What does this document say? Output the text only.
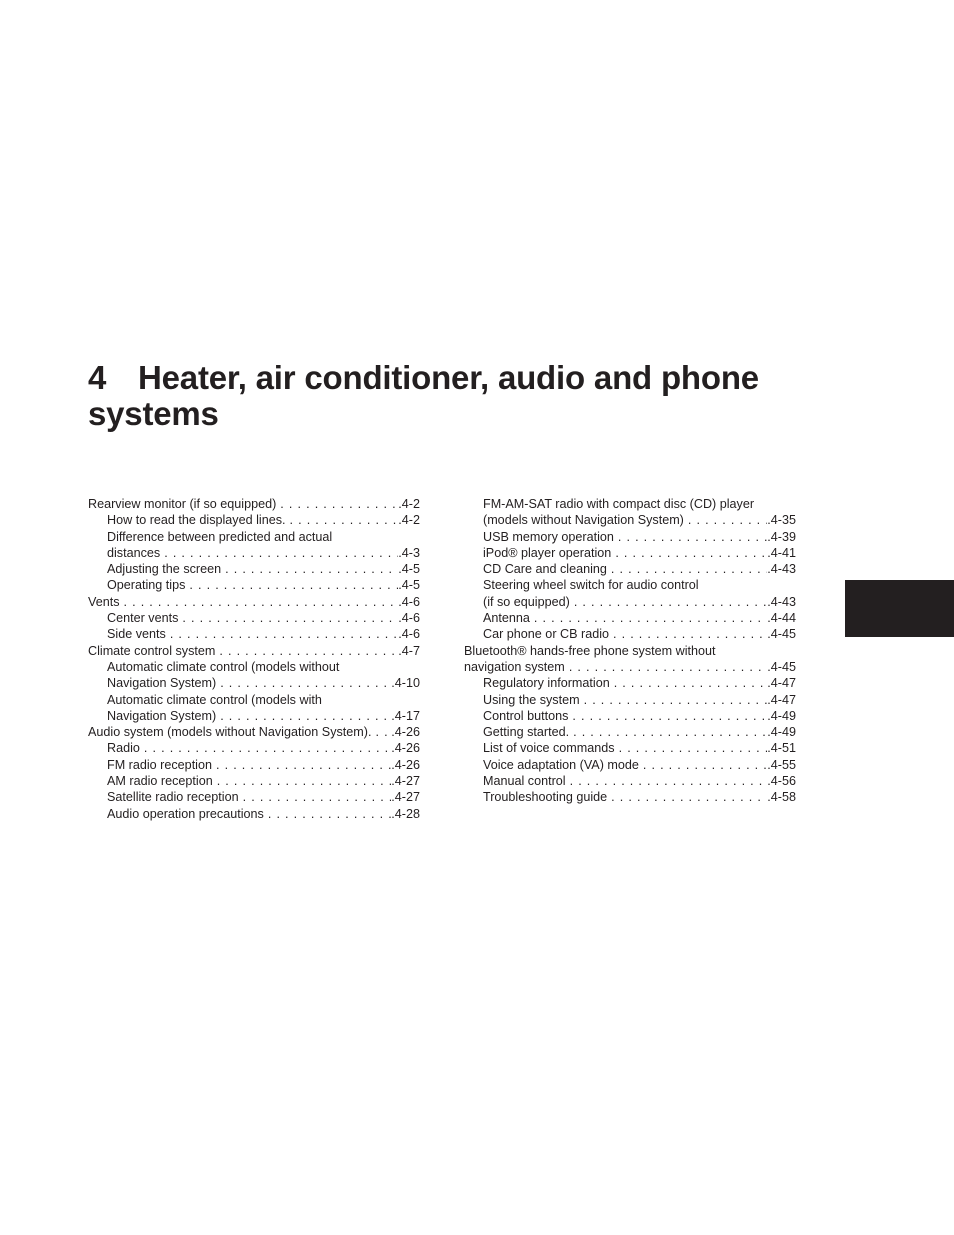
4 Heater, air conditioner, audio and phone systems
Rearview monitor (if so equipped) . . .	. 4-2
How to read the displayed lines. . . .	. 4-2
Difference between predicted and actual
distances . . .	. 4-3
Adjusting the screen . . .	. 4-5
Operating tips . . .	. 4-5
Vents . . .	. 4-6
Center vents . . .	. 4-6
Side vents . . .	. 4-6
Climate control system . . .	. 4-7
Automatic climate control (models without
Navigation System) . . .	. 4-10
Automatic climate control (models with
Navigation System) . . .	. 4-17
Audio system (models without Navigation System). . . . . 4-26
Radio . . .	. 4-26
FM radio reception . . .	. 4-26
AM radio reception . . .	. 4-27
Satellite radio reception . . .	. 4-27
Audio operation precautions . . .	. 4-28
FM-AM-SAT radio with compact disc (CD) player
(models without Navigation System) . . .	. 4-35
USB memory operation . . .	. 4-39
iPod® player operation . . .	. 4-41
CD Care and cleaning . . .	. 4-43
Steering wheel switch for audio control
(if so equipped) . . .	. 4-43
Antenna . . .	. 4-44
Car phone or CB radio . . .	. 4-45
Bluetooth® hands-free phone system without
navigation system . . .	. 4-45
Regulatory information . . .	. 4-47
Using the system . . .	. 4-47
Control buttons . . .	. 4-49
Getting started. . . .	. 4-49
List of voice commands . . .	. 4-51
Voice adaptation (VA) mode . . .	. 4-55
Manual control . . .	. 4-56
Troubleshooting guide . . .	. 4-58
